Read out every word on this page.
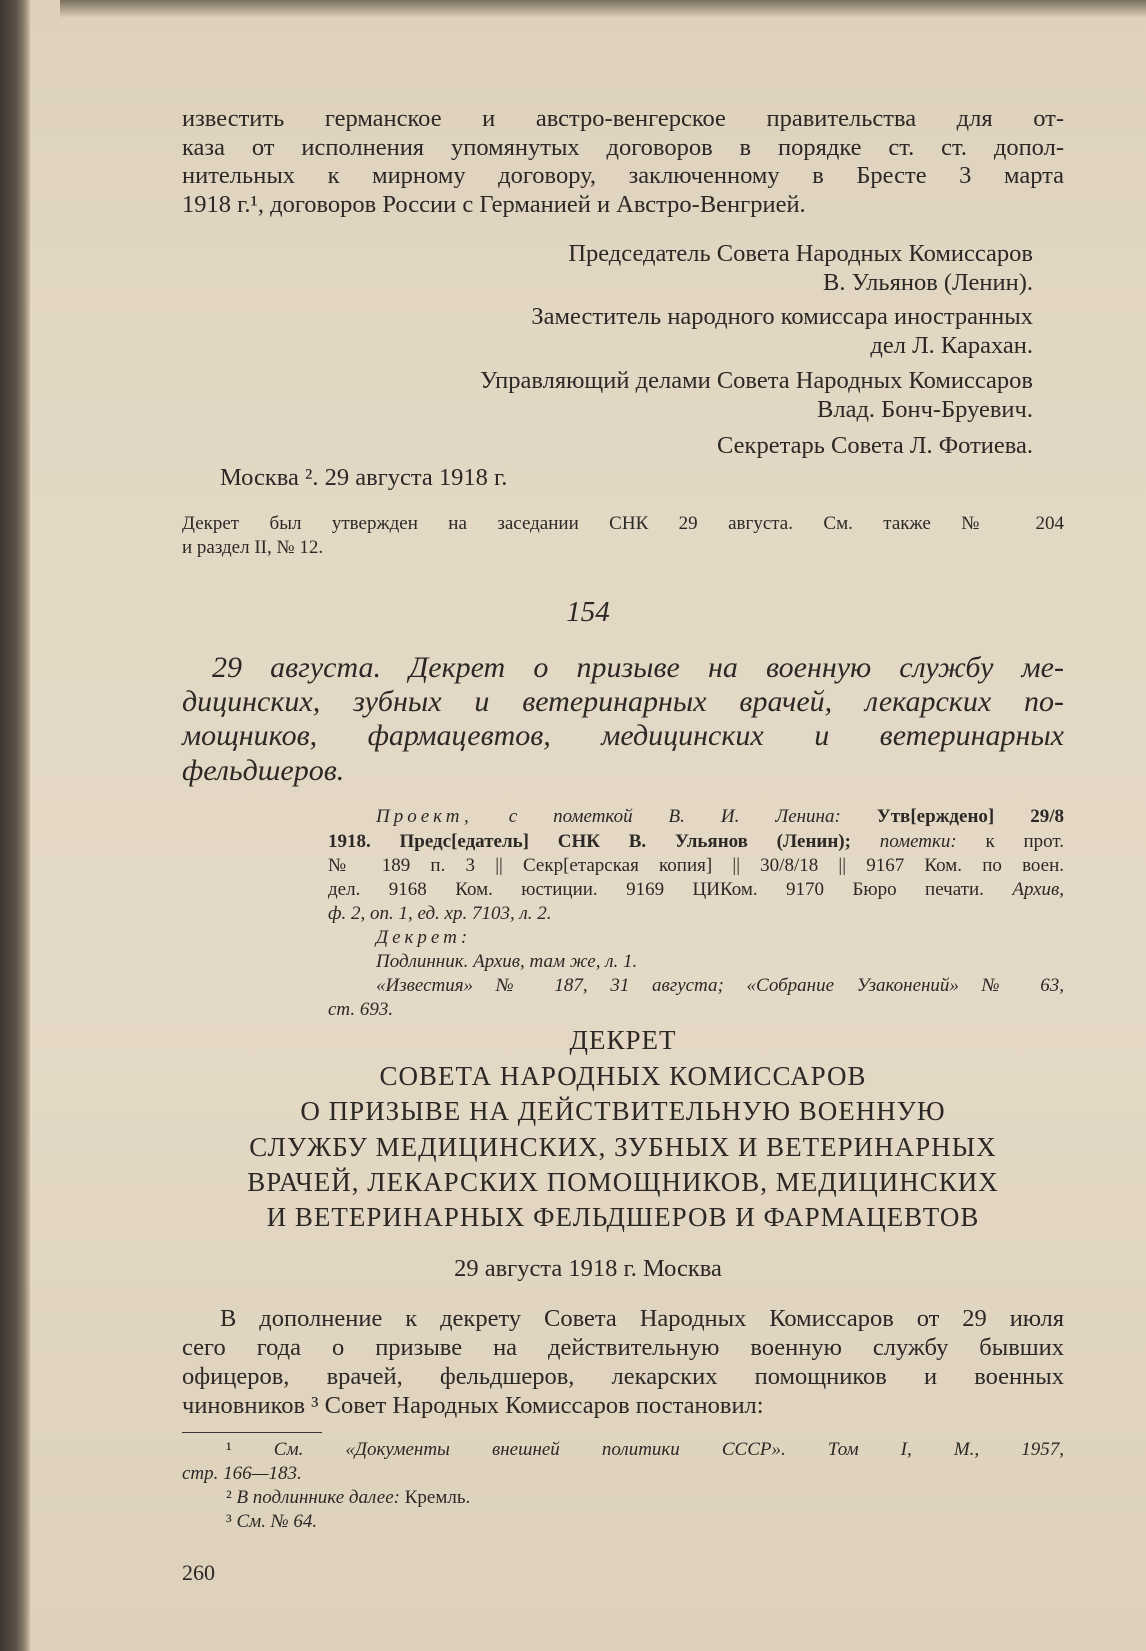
известить германское и австро-венгерское правительства для от-
каза от исполнения упомянутых договоров в порядке ст. ст. допол-
нительных к мирному договору, заключенному в Бресте 3 марта
1918 г.¹, договоров России с Германией и Австро-Венгрией.
Председатель Совета Народных Комиссаров
В. Ульянов (Ленин).
Заместитель народного комиссара иностранных
дел Л. Карахан.
Управляющий делами Совета Народных Комиссаров
Влад. Бонч-Бруевич.
Секретарь Совета Л. Фотиева.
Москва ². 29 августа 1918 г.
Декрет был утвержден на заседании СНК 29 августа. См. также № 204
и раздел II, № 12.
154
29 августа. Декрет о призыве на военную службу ме-
дицинских, зубных и ветеринарных врачей, лекарских по-
мощников, фармацевтов, медицинских и ветеринарных
фельдшеров.
Проект, с пометкой В. И. Ленина: Утв[ерждено] 29/8
1918. Предс[едатель] СНК В. Ульянов (Ленин); пометки: к прот.
№ 189 п. 3 || Секр[етарская копия] || 30/8/18 || 9167 Ком. по воен.
дел. 9168 Ком. юстиции. 9169 ЦИКом. 9170 Бюро печати. Архив,
ф. 2, оп. 1, ед. хр. 7103, л. 2.
Декрет:
Подлинник. Архив, там же, л. 1.
«Известия» № 187, 31 августа; «Собрание Узаконений» № 63,
ст. 693.
ДЕКРЕТ
СОВЕТА НАРОДНЫХ КОМИССАРОВ
О ПРИЗЫВЕ НА ДЕЙСТВИТЕЛЬНУЮ ВОЕННУЮ
СЛУЖБУ МЕДИЦИНСКИХ, ЗУБНЫХ И ВЕТЕРИНАРНЫХ
ВРАЧЕЙ, ЛЕКАРСКИХ ПОМОЩНИКОВ, МЕДИЦИНСКИХ
И ВЕТЕРИНАРНЫХ ФЕЛЬДШЕРОВ И ФАРМАЦЕВТОВ
29 августа 1918 г. Москва
В дополнение к декрету Совета Народных Комиссаров от 29 июля
сего года о призыве на действительную военную службу бывших
офицеров, врачей, фельдшеров, лекарских помощников и военных
чиновников ³ Совет Народных Комиссаров постановил:
¹ См. «Документы внешней политики СССР». Том I, М., 1957,
стр. 166—183.
² В подлиннике далее: Кремль.
³ См. № 64.
260
